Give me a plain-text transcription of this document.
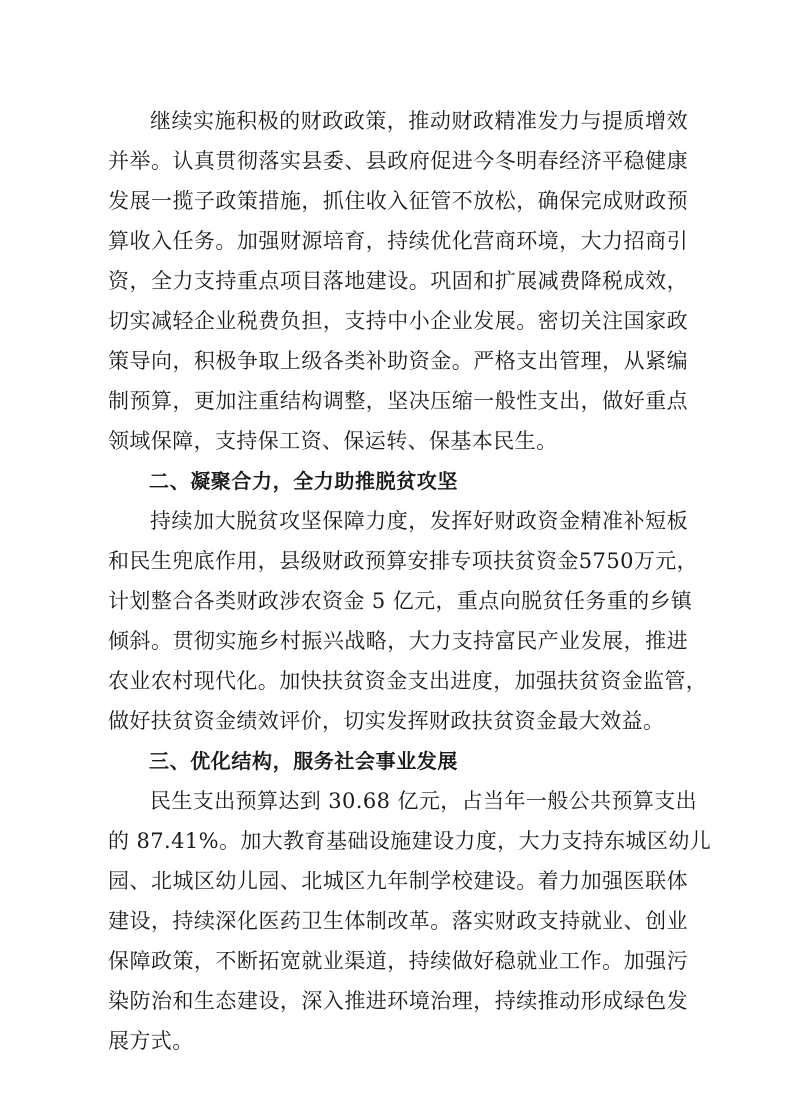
继续实施积极的财政政策，推动财政精准发力与提质增效
并举。认真贯彻落实县委、县政府促进今冬明春经济平稳健康
发展一揽子政策措施，抓住收入征管不放松，确保完成财政预
算收入任务。加强财源培育，持续优化营商环境，大力招商引
资，全力支持重点项目落地建设。巩固和扩展减费降税成效，
切实减轻企业税费负担，支持中小企业发展。密切关注国家政
策导向，积极争取上级各类补助资金。严格支出管理，从紧编
制预算，更加注重结构调整，坚决压缩一般性支出，做好重点
领域保障，支持保工资、保运转、保基本民生。
二、凝聚合力，全力助推脱贫攻坚
持续加大脱贫攻坚保障力度，发挥好财政资金精准补短板
和民生兜底作用，县级财政预算安排专项扶贫资金5750万元，
计划整合各类财政涉农资金 5 亿元，重点向脱贫任务重的乡镇
倾斜。贯彻实施乡村振兴战略，大力支持富民产业发展，推进
农业农村现代化。加快扶贫资金支出进度，加强扶贫资金监管，
做好扶贫资金绩效评价，切实发挥财政扶贫资金最大效益。
三、优化结构，服务社会事业发展
民生支出预算达到 30.68 亿元，占当年一般公共预算支出
的 87.41%。加大教育基础设施建设力度，大力支持东城区幼儿
园、北城区幼儿园、北城区九年制学校建设。着力加强医联体
建设，持续深化医药卫生体制改革。落实财政支持就业、创业
保障政策，不断拓宽就业渠道，持续做好稳就业工作。加强污
染防治和生态建设，深入推进环境治理，持续推动形成绿色发
展方式。
